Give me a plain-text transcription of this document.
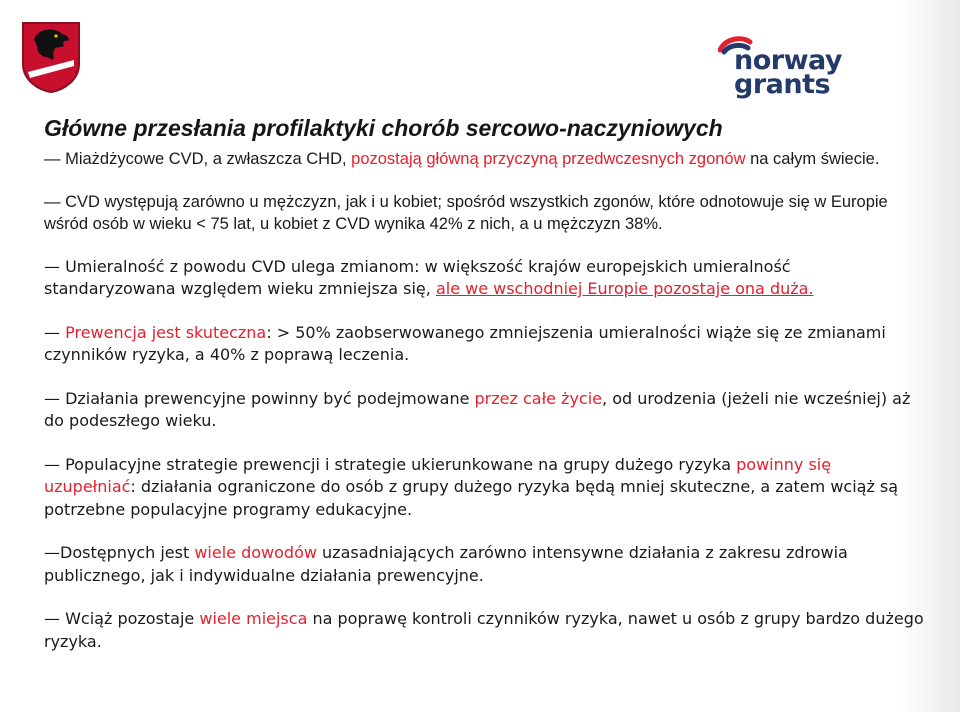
norway
grants
Główne przesłania profilaktyki chorób sercowo-naczyniowych

— Miażdżycowe CVD, a zwłaszcza CHD, pozostają główną przyczyną przedwczesnych zgonów na całym świecie.

— CVD występują zarówno u mężczyzn, jak i u kobiet; spośród wszystkich zgonów, które odnotowuje się w Europie wśród osób w wieku < 75 lat, u kobiet z CVD wynika 42% z nich, a u mężczyzn 38%.

— Umieralność z powodu CVD ulega zmianom: w większość krajów europejskich umieralność standaryzowana względem wieku zmniejsza się, ale we wschodniej Europie pozostaje ona duża.

— Prewencja jest skuteczna: > 50% zaobserwowanego zmniejszenia umieralności wiąże się ze zmianami czynników ryzyka, a 40% z poprawą leczenia.

— Działania prewencyjne powinny być podejmowane przez całe życie, od urodzenia (jeżeli nie wcześniej) aż
do podeszłego wieku.

— Populacyjne strategie prewencji i strategie ukierunkowane na grupy dużego ryzyka powinny się uzupełniać: działania ograniczone do osób z grupy dużego ryzyka będą mniej skuteczne, a zatem wciąż są potrzebne populacyjne programy edukacyjne.

—Dostępnych jest wiele dowodów uzasadniających zarówno intensywne działania z zakresu zdrowia publicznego, jak i indywidualne działania prewencyjne.

— Wciąż pozostaje wiele miejsca na poprawę kontroli czynników ryzyka, nawet u osób z grupy bardzo dużego ryzyka.
